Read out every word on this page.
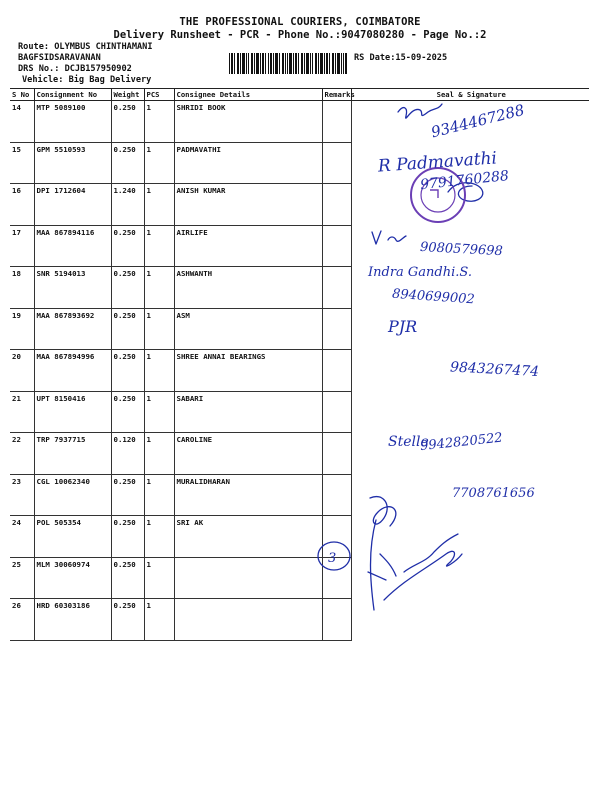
THE PROFESSIONAL COURIERS, COIMBATORE
Delivery Runsheet - PCR - Phone No.:9047080280 - Page No.:2
Route: OLYMBUS CHINTHAMANI
BAGFSIDSARAVANAN
DRS No.: DCJB157950902
Vehicle: Big Bag Delivery
RS Date:15-09-2025
S No	Consignment No	Weight	PCS	Consignee Details	Remarks	Seal & Signature
14	MTP 5089100	0.250	1	SHRIDI BOOK		
15	GPM 5510593	0.250	1	PADMAVATHI		
16	DPI 1712604	1.240	1	ANISH KUMAR		
17	MAA 867894116	0.250	1	AIRLIFE		
18	SNR 5194013	0.250	1	ASHWANTH		
19	MAA 867893692	0.250	1	ASM		
20	MAA 867894996	0.250	1	SHREE ANNAI BEARINGS		
21	UPT 8150416	0.250	1	SABARI		
22	TRP 7937715	0.120	1	CAROLINE		
23	CGL 10062340	0.250	1	MURALIDHARAN		
24	POL 505354	0.250	1	SRI AK		
25	MLM 30060974	0.250	1			
26	HRD 60303186	0.250	1			
9344467288
R Padmavathi
9791760288
9080579698
Indra Gandhi.S.
8940699002
PJR
9843267474
Stelle
9942820522
7708761656
3
